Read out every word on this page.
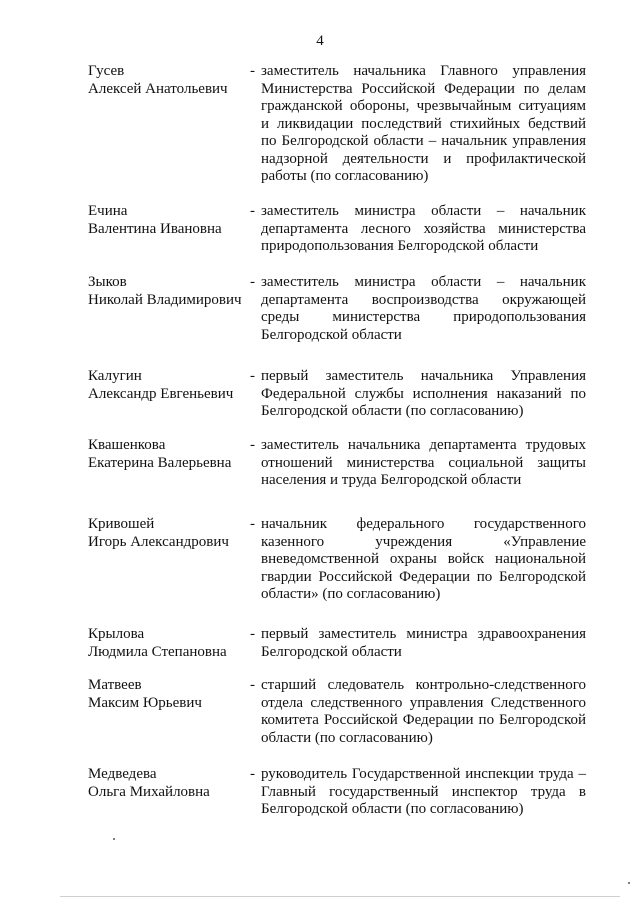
4
Гусев
Алексей Анатольевич
- заместитель начальника Главного управления Министерства Российской Федерации по делам гражданской обороны, чрезвычайным ситуациям и ликвидации последствий стихийных бедствий по Белгородской области – начальник управления надзорной деятельности и профилактической работы (по согласованию)
Ечина
Валентина Ивановна
- заместитель министра области – начальник департамента лесного хозяйства министерства природопользования Белгородской области
Зыков
Николай Владимирович
- заместитель министра области – начальник департамента воспроизводства окружающей среды министерства природопользования Белгородской области
Калугин
Александр Евгеньевич
- первый заместитель начальника Управления Федеральной службы исполнения наказаний по Белгородской области (по согласованию)
Квашенкова
Екатерина Валерьевна
- заместитель начальника департамента трудовых отношений министерства социальной защиты населения и труда Белгородской области
Кривошей
Игорь Александрович
- начальник федерального государственного казенного учреждения «Управление вневедомственной охраны войск национальной гвардии Российской Федерации по Белгородской области» (по согласованию)
Крылова
Людмила Степановна
- первый заместитель министра здравоохранения Белгородской области
Матвеев
Максим Юрьевич
- старший следователь контрольно-следственного отдела следственного управления Следственного комитета Российской Федерации по Белгородской области (по согласованию)
Медведева
Ольга Михайловна
- руководитель Государственной инспекции труда – Главный государственный инспектор труда в Белгородской области (по согласованию)
